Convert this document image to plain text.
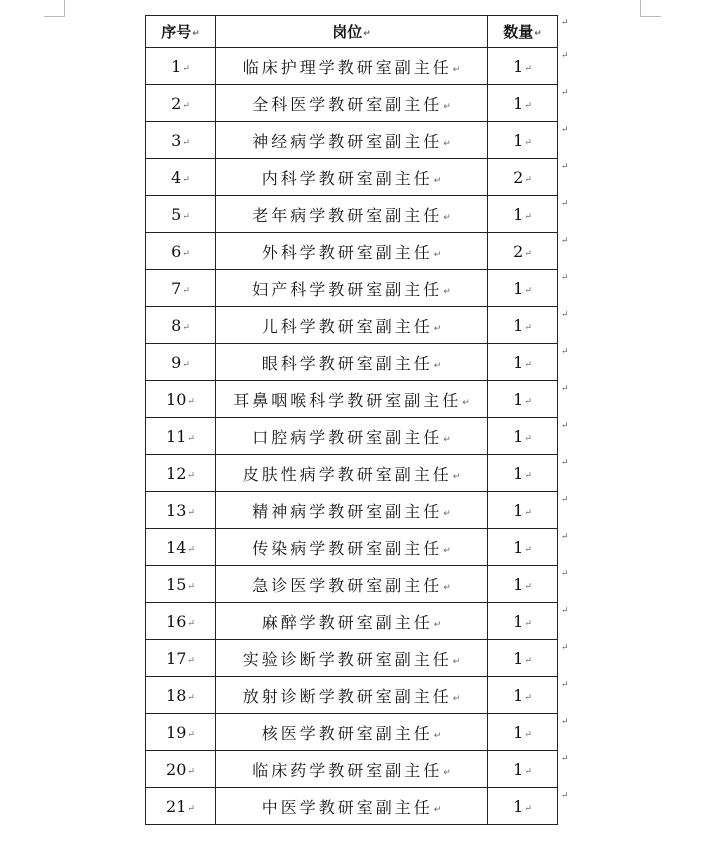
序号↵	岗位↵	数量↵
1↵	临床护理学教研室副主任↵	1↵
2↵	全科医学教研室副主任↵	1↵
3↵	神经病学教研室副主任↵	1↵
4↵	内科学教研室副主任↵	2↵
5↵	老年病学教研室副主任↵	1↵
6↵	外科学教研室副主任↵	2↵
7↵	妇产科学教研室副主任↵	1↵
8↵	儿科学教研室副主任↵	1↵
9↵	眼科学教研室副主任↵	1↵
10↵	耳鼻咽喉科学教研室副主任↵	1↵
11↵	口腔病学教研室副主任↵	1↵
12↵	皮肤性病学教研室副主任↵	1↵
13↵	精神病学教研室副主任↵	1↵
14↵	传染病学教研室副主任↵	1↵
15↵	急诊医学教研室副主任↵	1↵
16↵	麻醉学教研室副主任↵	1↵
17↵	实验诊断学教研室副主任↵	1↵
18↵	放射诊断学教研室副主任↵	1↵
19↵	核医学教研室副主任↵	1↵
20↵	临床药学教研室副主任↵	1↵
21↵	中医学教研室副主任↵	1↵
↵
↵
↵
↵
↵
↵
↵
↵
↵
↵
↵
↵
↵
↵
↵
↵
↵
↵
↵
↵
↵
↵
